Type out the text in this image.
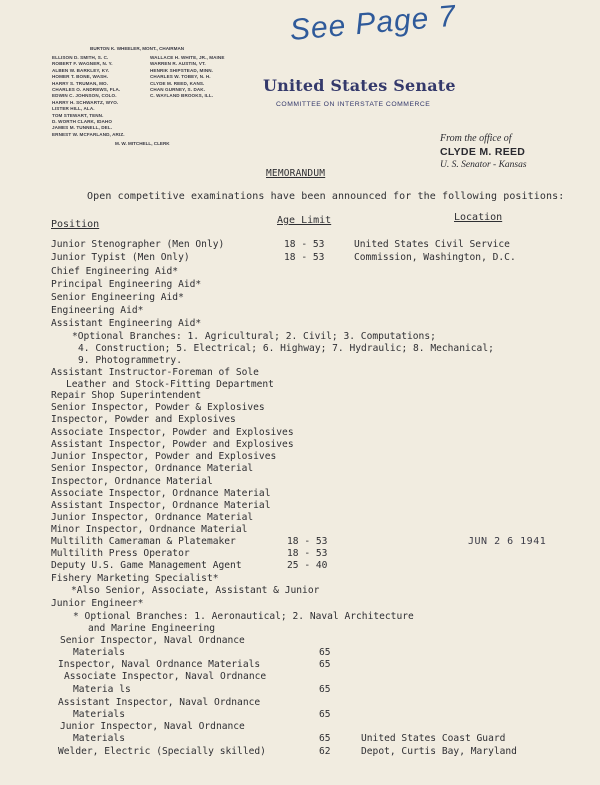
BURTON K. WHEELER, MONT., CHAIRMAN
ELLISON D. SMITH, S. C.
ROBERT F. WAGNER, N. Y.
ALBEN W. BARKLEY, KY.
HOMER T. BONE, WASH.
HARRY S. TRUMAN, MO.
CHARLES O. ANDREWS, FLA.
EDWIN C. JOHNSON, COLO.
HARRY H. SCHWARTZ, WYO.
LISTER HILL, ALA.
TOM STEWART, TENN.
D. WORTH CLARK, IDAHO
JAMES M. TUNNELL, DEL.
ERNEST W. MCFARLAND, ARIZ.
WALLACE H. WHITE, JR., MAINE
WARREN R. AUSTIN, VT.
HENRIK SHIPSTEAD, MINN.
CHARLES W. TOBEY, N. H.
CLYDE M. REED, KANS.
CHAN GURNEY, S. DAK.
C. WAYLAND BROOKS, ILL.
M. W. MITCHELL, CLERK
See Page 7
United States Senate
COMMITTEE ON INTERSTATE COMMERCE
From the office of
CLYDE M. REED
U. S. Senator - Kansas
MEMORANDUM
Open competitive examinations have been announced for the following positions:
Position	Age Limit	Location
Junior Stenographer (Men Only)	18 - 53	United States Civil Service
Junior Typist (Men Only)	18 - 53	Commission, Washington, D.C.
Chief Engineering Aid*
Principal Engineering Aid*
Senior Engineering Aid*
Engineering Aid*
Assistant Engineering Aid*
*Optional Branches: 1. Agricultural; 2. Civil; 3. Computations;
4. Construction; 5. Electrical; 6. Highway; 7. Hydraulic; 8. Mechanical;
9. Photogrammetry.
Assistant Instructor-Foreman of Sole
Leather and Stock-Fitting Department
Repair Shop Superintendent
Senior Inspector, Powder & Explosives
Inspector, Powder and Explosives
Associate Inspector, Powder and Explosives
Assistant Inspector, Powder and Explosives
Junior Inspector, Powder and Explosives
Senior Inspector, Ordnance Material
Inspector, Ordnance Material
Associate Inspector, Ordnance Material
Assistant Inspector, Ordnance Material
Junior Inspector, Ordnance Material
Minor Inspector, Ordnance Material
Multilith Cameraman & Platemaker	18 - 53
Multilith Press Operator	18 - 53
Deputy U.S. Game Management Agent	25 - 40
Fishery Marketing Specialist*
*Also Senior, Associate, Assistant & Junior
Junior Engineer*
* Optional Branches: 1. Aeronautical; 2. Naval Architecture
and Marine Engineering
Senior Inspector, Naval Ordnance
Materials	65
Inspector, Naval Ordnance Materials	65
Associate Inspector, Naval Ordnance
Materia ls	65
Assistant Inspector, Naval Ordnance
Materials	65
Junior Inspector, Naval Ordnance
Materials	65	United States Coast Guard
Welder, Electric (Specially skilled)	62	Depot, Curtis Bay, Maryland
JUN 2 6 1941
